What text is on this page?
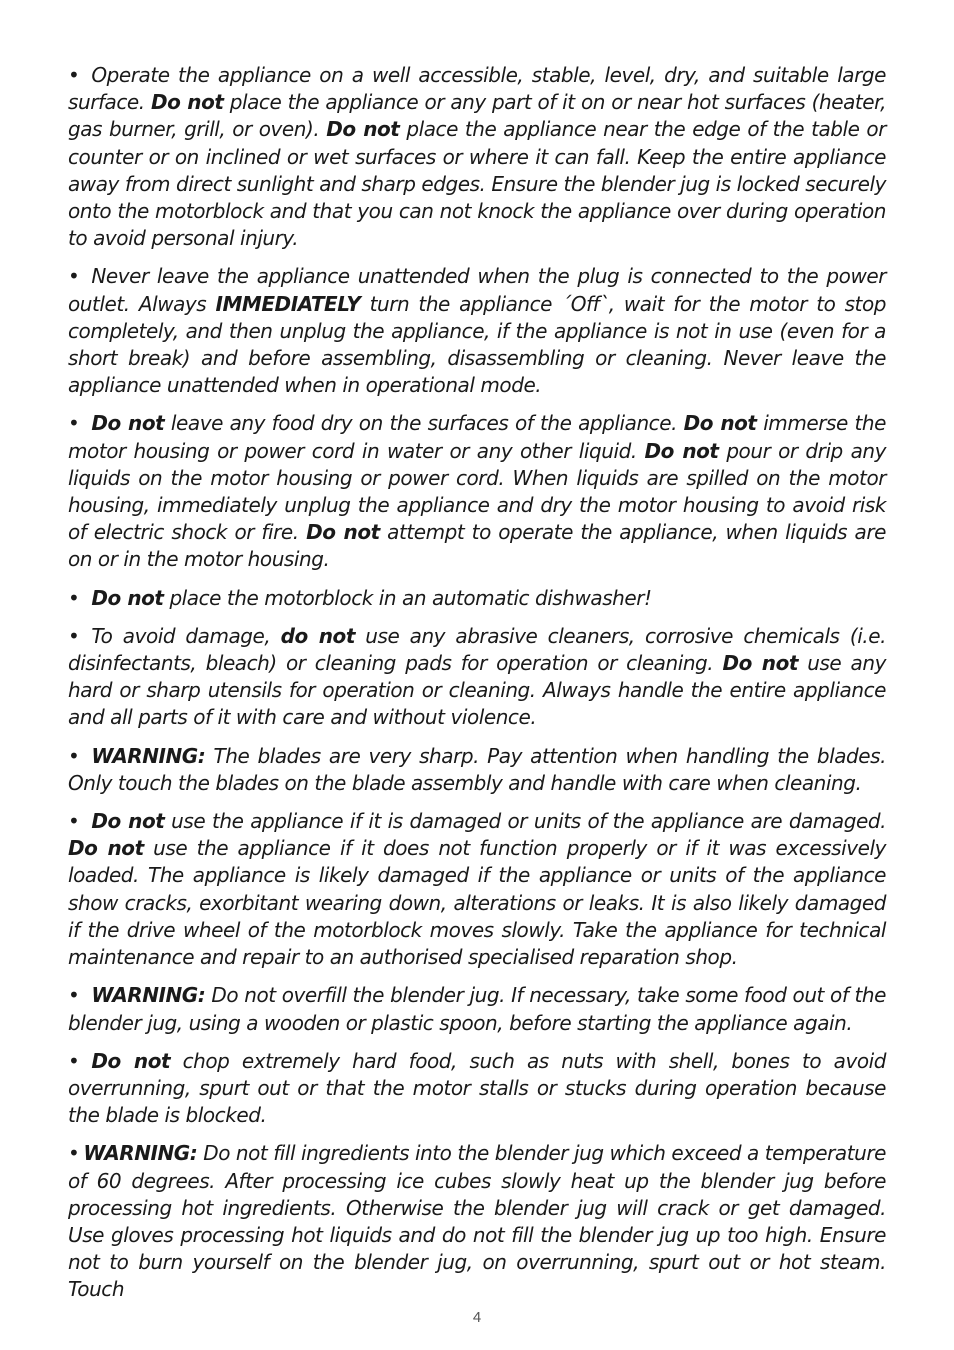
• Operate the appliance on a well accessible, stable, level, dry, and suitable large surface. Do not place the appliance or any part of it on or near hot surfaces (heater, gas burner, grill, or oven). Do not place the appliance near the edge of the table or counter or on inclined or wet surfaces or where it can fall. Keep the entire appliance away from direct sunlight and sharp edges. Ensure the blender jug is locked securely onto the motorblock and that you can not knock the appliance over during operation to avoid personal injury.

• Never leave the appliance unattended when the plug is connected to the power outlet. Always IMMEDIATELY turn the appliance ´Off`, wait for the motor to stop completely, and then unplug the appliance, if the appliance is not in use (even for a short break) and before assembling, disassembling or cleaning. Never leave the appliance unattended when in operational mode.

• Do not leave any food dry on the surfaces of the appliance. Do not immerse the motor housing or power cord in water or any other liquid. Do not pour or drip any liquids on the motor housing or power cord. When liquids are spilled on the motor housing, immediately unplug the appliance and dry the motor housing to avoid risk of electric shock or fire. Do not attempt to operate the appliance, when liquids are on or in the motor housing.

• Do not place the motorblock in an automatic dishwasher!

• To avoid damage, do not use any abrasive cleaners, corrosive chemicals (i.e. disinfectants, bleach) or cleaning pads for operation or cleaning. Do not use any hard or sharp utensils for operation or cleaning. Always handle the entire appliance and all parts of it with care and without violence.

• WARNING: The blades are very sharp. Pay attention when handling the blades. Only touch the blades on the blade assembly and handle with care when cleaning.

• Do not use the appliance if it is damaged or units of the appliance are damaged. Do not use the appliance if it does not function properly or if it was excessively loaded. The appliance is likely damaged if the appliance or units of the appliance show cracks, exorbitant wearing down, alterations or leaks. It is also likely damaged if the drive wheel of the motorblock moves slowly. Take the appliance for technical maintenance and repair to an authorised specialised reparation shop.

• WARNING: Do not overfill the blender jug. If necessary, take some food out of the blender jug, using a wooden or plastic spoon, before starting the appliance again.

• Do not chop extremely hard food, such as nuts with shell, bones to avoid overrunning, spurt out or that the motor stalls or stucks during operation because the blade is blocked.

• WARNING: Do not fill ingredients into the blender jug which exceed a temperature of 60 degrees. After processing ice cubes slowly heat up the blender jug before processing hot ingredients. Otherwise the blender jug will crack or get damaged. Use gloves processing hot liquids and do not fill the blender jug up too high. Ensure not to burn yourself on the blender jug, on overrunning, spurt out or hot steam. Touch

4
